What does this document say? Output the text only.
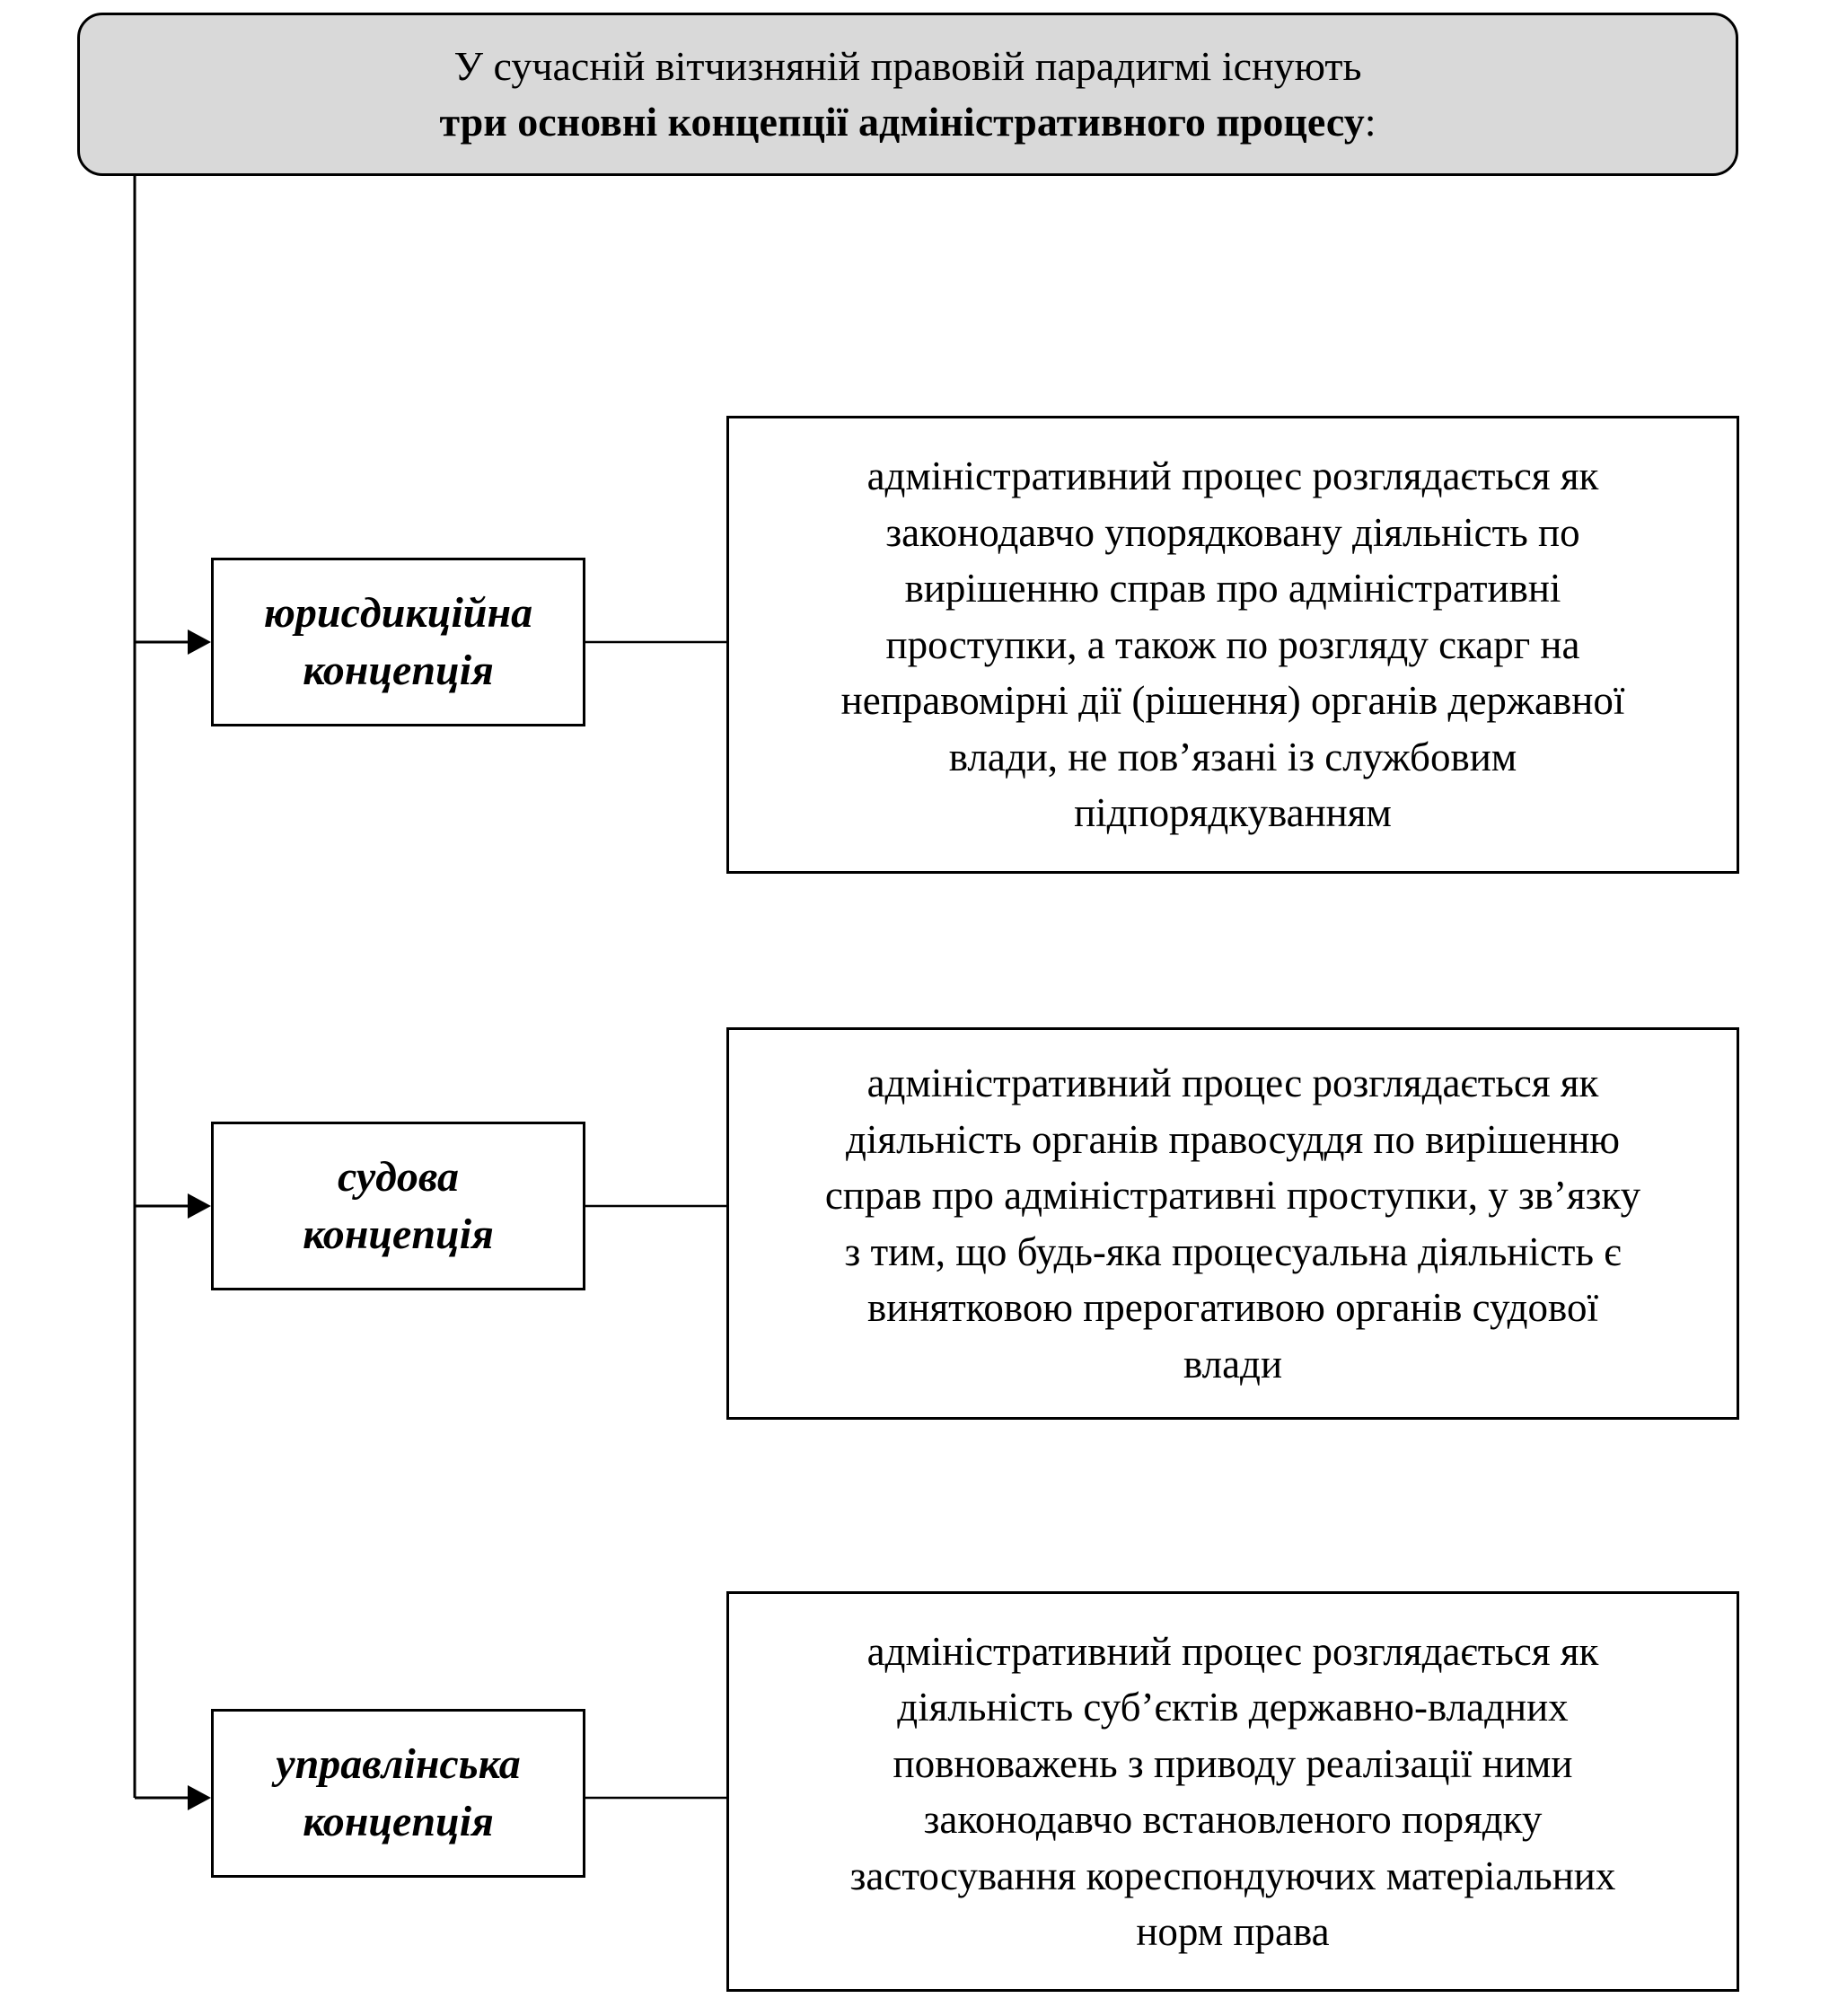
У сучасній вітчизняній правовій парадигмі існують
три основні концепції адміністративного процесу:
юрисдикційна
концепція
адміністративний процес розглядається як
законодавчо упорядковану діяльність по
вирішенню справ про адміністративні
проступки, а також по розгляду скарг на
неправомірні дії (рішення) органів державної
влади, не пов’язані із службовим
підпорядкуванням
судова
концепція
адміністративний процес розглядається як
діяльність органів правосуддя по вирішенню
справ про адміністративні проступки, у зв’язку
з тим, що будь-яка процесуальна діяльність є
винятковою прерогативою органів судової
влади
управлінська
концепція
адміністративний процес розглядається як
діяльність суб’єктів державно-владних
повноважень з приводу реалізації ними
законодавчо встановленого порядку
застосування кореспондуючих матеріальних
норм права
